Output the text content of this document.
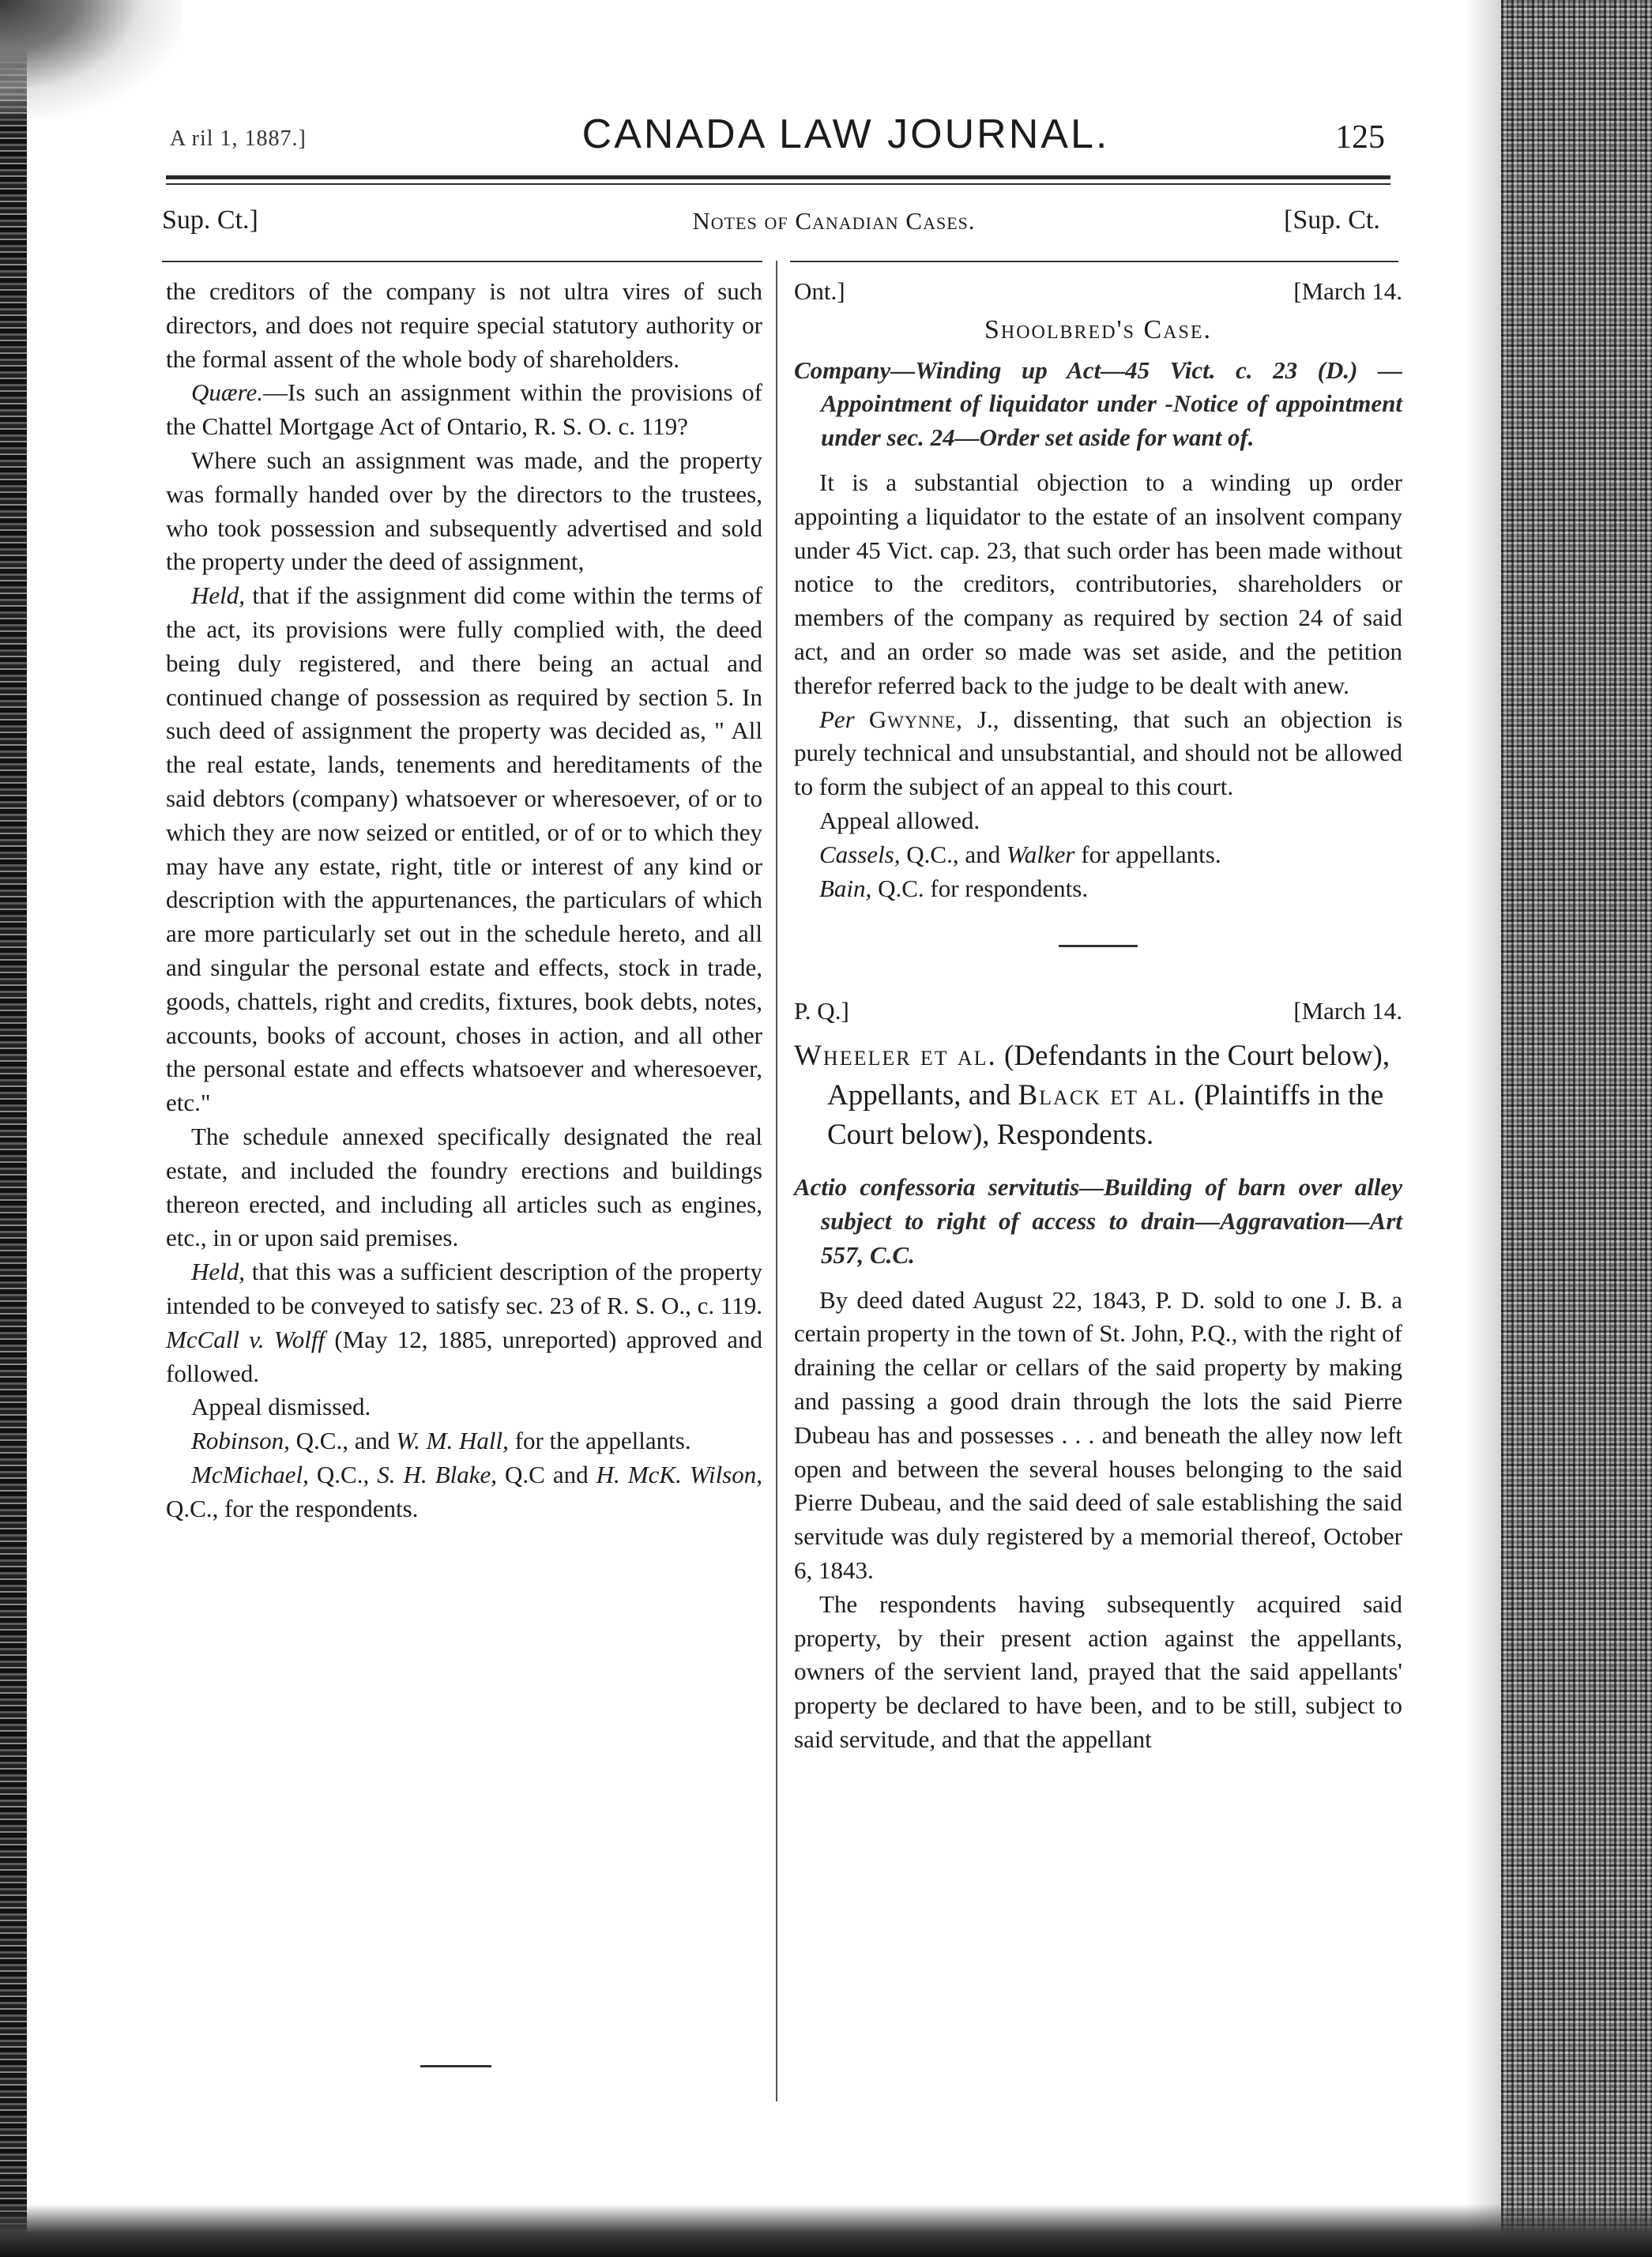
A ril 1, 1887.]	CANADA LAW JOURNAL.	125
Sup. Ct.]	Notes of Canadian Cases.	[Sup. Ct.

the creditors of the company is not ultra vires of such directors, and does not require special statutory authority or the formal assent of the whole body of shareholders.

Quære.—Is such an assignment within the provisions of the Chattel Mortgage Act of Ontario, R. S. O. c. 119?

Where such an assignment was made, and the property was formally handed over by the directors to the trustees, who took possession and subsequently advertised and sold the property under the deed of assignment,

Held, that if the assignment did come within the terms of the act, its provisions were fully complied with, the deed being duly registered, and there being an actual and continued change of possession as required by section 5. In such deed of assignment the property was decided as, " All the real estate, lands, tenements and hereditaments of the said debtors (company) whatsoever or wheresoever, of or to which they are now seized or entitled, or of or to which they may have any estate, right, title or interest of any kind or description with the appurtenances, the particulars of which are more particularly set out in the schedule hereto, and all and singular the personal estate and effects, stock in trade, goods, chattels, right and credits, fixtures, book debts, notes, accounts, books of account, choses in action, and all other the personal estate and effects whatsoever and wheresoever, etc."

The schedule annexed specifically designated the real estate, and included the foundry erections and buildings thereon erected, and including all articles such as engines, etc., in or upon said premises.

Held, that this was a sufficient description of the property intended to be conveyed to satisfy sec. 23 of R. S. O., c. 119. McCall v. Wolff (May 12, 1885, unreported) approved and followed.

Appeal dismissed.

Robinson, Q.C., and W. M. Hall, for the appellants.

McMichael, Q.C., S. H. Blake, Q.C and H. McK. Wilson, Q.C., for the respondents.

Ont.]	[March 14.
Shoolbred's Case.

Company—Winding up Act—45 Vict. c. 23 (D.) —Appointment of liquidator under -Notice of appointment under sec. 24—Order set aside for want of.

It is a substantial objection to a winding up order appointing a liquidator to the estate of an insolvent company under 45 Vict. cap. 23, that such order has been made without notice to the creditors, contributories, shareholders or members of the company as required by section 24 of said act, and an order so made was set aside, and the petition therefor referred back to the judge to be dealt with anew.

Per Gwynne, J., dissenting, that such an objection is purely technical and unsubstantial, and should not be allowed to form the subject of an appeal to this court.

Appeal allowed.

Cassels, Q.C., and Walker for appellants.

Bain, Q.C. for respondents.

P. Q.]	[March 14.

Wheeler et al. (Defendants in the Court below), Appellants, and Black et al. (Plaintiffs in the Court below), Respondents.

Actio confessoria servitutis—Building of barn over alley subject to right of access to drain—Aggravation—Art 557, C.C.

By deed dated August 22, 1843, P. D. sold to one J. B. a certain property in the town of St. John, P.Q., with the right of draining the cellar or cellars of the said property by making and passing a good drain through the lots the said Pierre Dubeau has and possesses . . . and beneath the alley now left open and between the several houses belonging to the said Pierre Dubeau, and the said deed of sale establishing the said servitude was duly registered by a memorial thereof, October 6, 1843.

The respondents having subsequently acquired said property, by their present action against the appellants, owners of the servient land, prayed that the said appellants' property be declared to have been, and to be still, subject to said servitude, and that the appellant
